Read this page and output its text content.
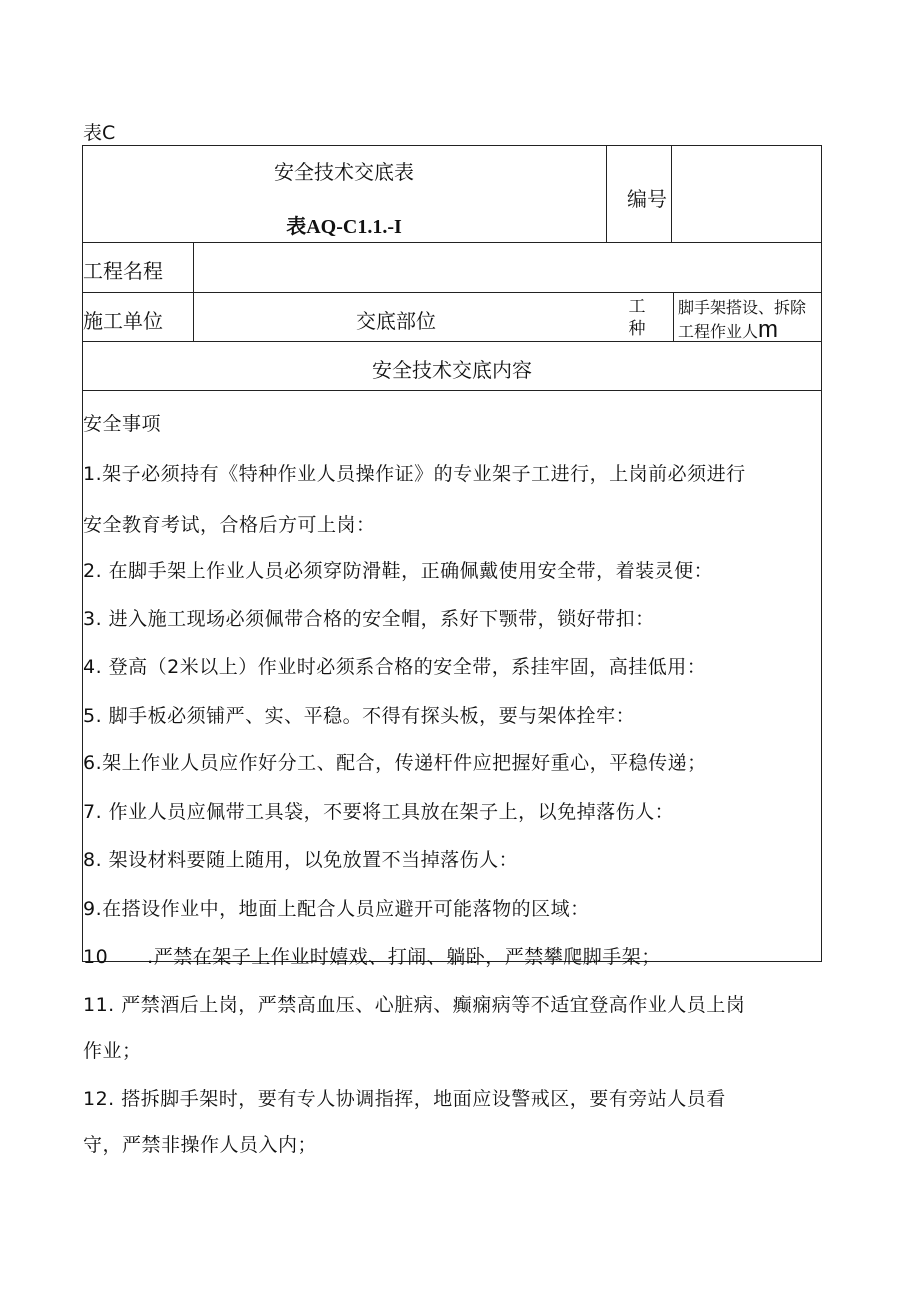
表C
安全技术交底表
表AQ-C1.1.-I
编号
工程名程
施工单位	交底部位
工种
脚手架搭设、拆除工程作业人m
安全技术交底内容
安全事项
1.架子必须持有《特种作业人员操作证》的专业架子工进行，上岗前必须进行
安全教育考试，合格后方可上岗：
2. 在脚手架上作业人员必须穿防滑鞋，正确佩戴使用安全带，着装灵便：
3. 进入施工现场必须佩带合格的安全帽，系好下颚带，锁好带扣：
4. 登高（2米以上）作业时必须系合格的安全带，系挂牢固，高挂低用：
5. 脚手板必须铺严、实、平稳。不得有探头板，要与架体拴牢：
6.架上作业人员应作好分工、配合，传递杆件应把握好重心，平稳传递；
7. 作业人员应佩带工具袋，不要将工具放在架子上，以免掉落伤人：
8. 架设材料要随上随用，以免放置不当掉落伤人：
9.在搭设作业中，地面上配合人员应避开可能落物的区域：
10　　.严禁在架子上作业时嬉戏、打闹、躺卧，严禁攀爬脚手架；
11. 严禁酒后上岗，严禁高血压、心脏病、癫痫病等不适宜登高作业人员上岗
作业；
12. 搭拆脚手架时，要有专人协调指挥，地面应设警戒区，要有旁站人员看
守，严禁非操作人员入内；
